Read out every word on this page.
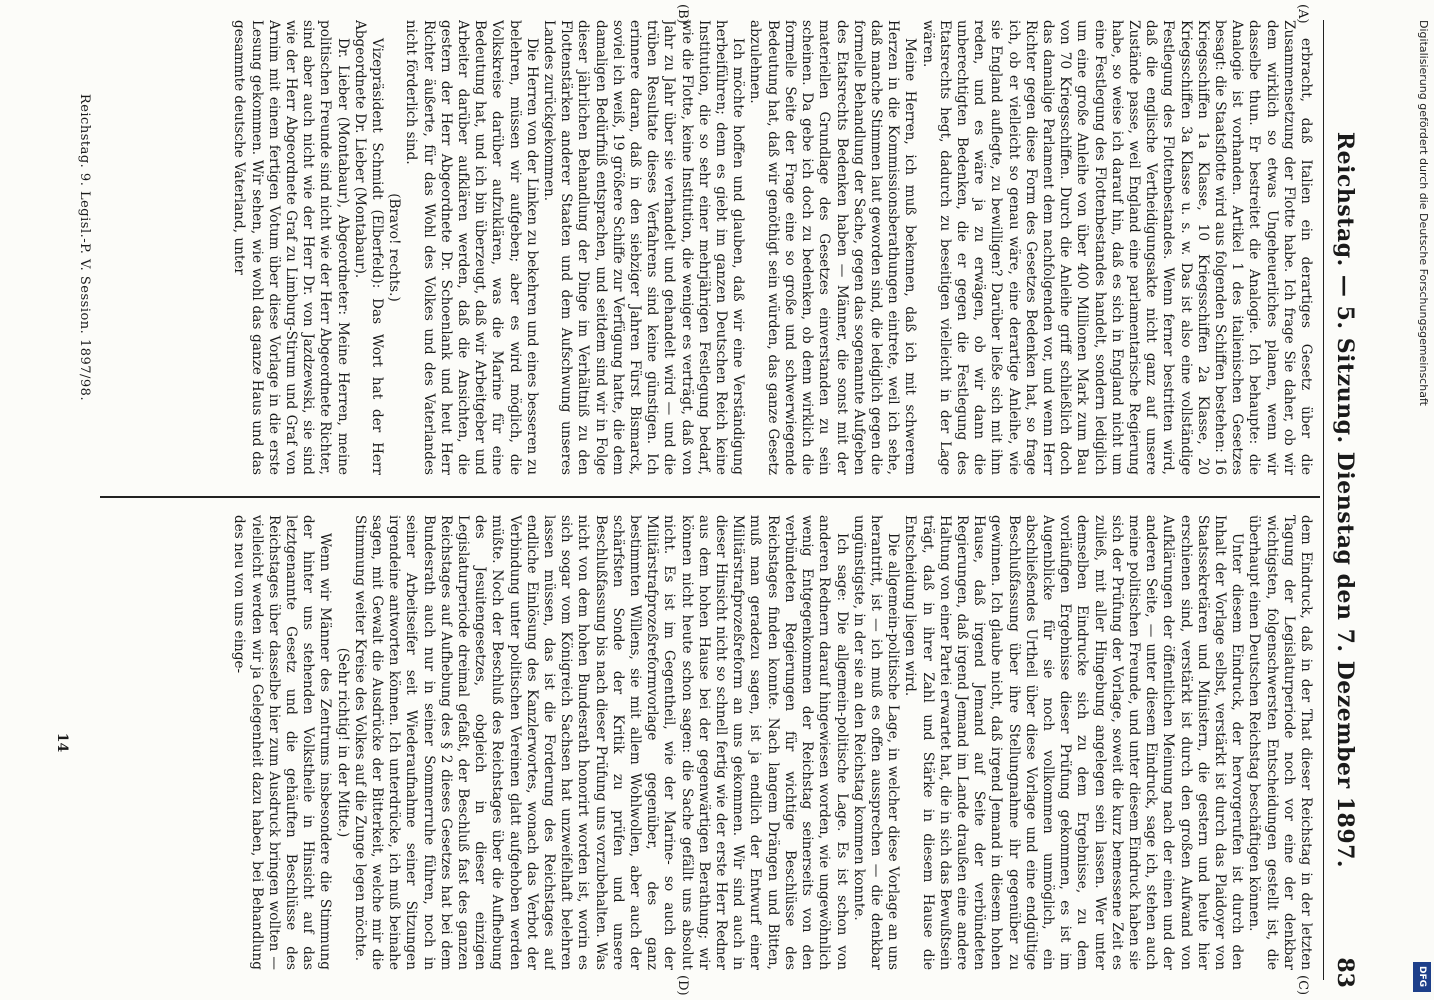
Reichstag. — 5. Sitzung. Dienstag den 7. Dezember 1897.
83
(A)
(B)
(C)
(D)

erbracht, daß Italien ein derartiges Gesetz über die Zusammensetzung der Flotte habe. Ich frage Sie daher, ob wir dem wirklich so etwas Ungeheuerliches planen, wenn wir dasselbe thun. Er bestreitet die Analogie. Ich behaupte: die Analogie ist vorhanden. Artikel 1 des italienischen Gesetzes besagt: die Staatsflotte wird aus folgenden Schiffen bestehen: 16 Kriegsschiffen 1a Klasse, 10 Kriegsschiffen 2a Klasse, 20 Kriegsschiffen 3a Klasse u. s. w. Das ist also eine vollständige Festlegung des Flottenbestandes. Wenn ferner bestritten wird, daß die englische Vertheidigungsakte nicht ganz auf unsere Zustände passe, weil England eine parlamentarische Regierung habe, so weise ich darauf hin, daß es sich in England nicht um eine Festlegung des Flottenbestandes handelt, sondern lediglich um eine große Anleihe von über 400 Millionen Mark zum Bau von 70 Kriegsschiffen. Durch die Anleihe griff schließlich doch das damalige Parlament dem nachfolgenden vor, und wenn Herr Richter gegen diese Form des Gesetzes Bedenken hat, so frage ich, ob er vielleicht so genau wäre, eine derartige Anleihe, wie sie England auflegte, zu bewilligen? Darüber ließe sich mit ihm reden, und es wäre ja zu erwägen, ob wir dann die unberechtigten Bedenken, die er gegen die Festlegung des Etatsrechts hegt, dadurch zu beseitigen vielleicht in der Lage wären.

Meine Herren, ich muß bekennen, daß ich mit schwerem Herzen in die Kommissionsberathungen eintrete, weil ich sehe, daß manche Stimmen laut geworden sind, die lediglich gegen die formelle Behandlung der Sache, gegen das sogenannte Aufgeben des Etatsrechts Bedenken haben — Männer, die sonst mit der materiellen Grundlage des Gesetzes einverstanden zu sein scheinen. Da gebe ich doch zu bedenken, ob denn wirklich die formelle Seite der Frage eine so große und schwerwiegende Bedeutung hat, daß wir genöthigt sein würden, das ganze Gesetz abzulehnen.

Ich möchte hoffen und glauben, daß wir eine Verständigung herbeiführen; denn es giebt im ganzen Deutschen Reich keine Institution, die so sehr einer mehrjährigen Festlegung bedarf, wie die Flotte, keine Institution, die weniger es verträgt, daß von Jahr zu Jahr über sie verhandelt und gehandelt wird — und die trüben Resultate dieses Verfahrens sind keine günstigen. Ich erinnere daran, daß in den siebziger Jahren Fürst Bismarck, soviel ich weiß, 19 größere Schiffe zur Verfügung hatte, die dem damaligen Bedürfniß entsprachen, und seitdem sind wir in Folge dieser jährlichen Behandlung der Dinge im Verhältniß zu den Flottenstärken anderer Staaten und dem Aufschwung unseres Landes zurückgekommen.

Die Herren von der Linken zu bekehren und eines besseren zu belehren, müssen wir aufgeben; aber es wird möglich, die Volkskreise darüber aufzuklären, was die Marine für eine Bedeutung hat, und ich bin überzeugt, daß wir Arbeitgeber und Arbeiter darüber aufklären werden, daß die Ansichten, die gestern der Herr Abgeordnete Dr. Schoenlank und heut Herr Richter äußerte, für das Wohl des Volkes und des Vaterlandes nicht förderlich sind.

(Bravo! rechts.)

Vizepräsident Schmidt (Elberfeld): Das Wort hat der Herr Abgeordnete Dr. Lieber (Montabaur).

Dr. Lieber (Montabaur), Abgeordneter: Meine Herren, meine politischen Freunde sind nicht wie der Herr Abgeordnete Richter, sind aber auch nicht wie der Herr Dr. von Jazdzewski, sie sind wie der Herr Abgeordnete Graf zu Limburg-Stirum und Graf von Arnim mit einem fertigen Votum über diese Vorlage in die erste Lesung gekommen. Wir sehen, wie wohl das ganze Haus und das gesammte deutsche Vaterland, unter

dem Eindruck, daß in der That dieser Reichstag in der letzten Tagung der Legislaturperiode noch vor eine der denkbar wichtigsten, folgenschwersten Entscheidungen gestellt ist, die überhaupt einen Deutschen Reichstag beschäftigen können.

Unter diesem Eindruck, der hervorgerufen ist durch den Inhalt der Vorlage selbst, verstärkt ist durch das Plaidoyer von Staatssekretären und Ministern, die gestern und heute hier erschienen sind, verstärkt ist durch den großen Aufwand von Aufklärungen der öffentlichen Meinung nach der einen und der anderen Seite, — unter diesem Eindruck, sage ich, stehen auch meine politischen Freunde, und unter diesem Eindruck haben sie sich der Prüfung der Vorlage, soweit die kurz bemessene Zeit es zuließ, mit aller Hingebung angelegen sein lassen. Wer unter demselben Eindrucke sich zu dem Ergebnisse, zu dem vorläufigen Ergebnisse dieser Prüfung gekommen, es ist im Augenblicke für sie noch vollkommen unmöglich, ein abschließendes Urtheil über diese Vorlage und eine endgültige Beschlußfassung über ihre Stellungnahme ihr gegenüber zu gewinnen. Ich glaube nicht, daß irgend Jemand in diesem hohen Hause, daß irgend Jemand auf Seite der verbündeten Regierungen, daß irgend Jemand im Lande draußen eine andere Haltung von einer Partei erwartet hat, die in sich das Bewußtsein trägt, daß in ihrer Zahl und Stärke in diesem Hause die Entscheidung liegen wird.

Die allgemein-politische Lage, in welcher diese Vorlage an uns herantritt, ist — ich muß es offen aussprechen — die denkbar ungünstigste, in der sie an den Reichstag kommen konnte.

Ich sage: Die allgemein-politische Lage. Es ist schon von anderen Rednern darauf hingewiesen worden, wie ungewöhnlich wenig Entgegenkommen der Reichstag seinerseits von den verbündeten Regierungen für wichtige Beschlüsse des Reichstages finden konnte. Nach langem Drängen und Bitten, muß man geradezu sagen, ist ja endlich der Entwurf einer Militärstrafprozeßreform an uns gekommen. Wir sind auch in dieser Hinsicht nicht so schnell fertig wie der erste Herr Redner aus dem hohen Hause bei der gegenwärtigen Berathung; wir können nicht heute schon sagen: die Sache gefällt uns absolut nicht. Es ist im Gegentheil, wie der Marine- so auch der Militärstrafprozeßreformvorlage gegenüber, des ganz bestimmten Willens, sie mit allem Wohlwollen, aber auch der schärfsten Sonde der Kritik zu prüfen und unsere Beschlußfassung bis nach dieser Prüfung uns vorzubehalten. Was nicht von dem hohen Bundesrath honorirt worden ist, worin es sich sogar vom Königreich Sachsen hat unzweifelhaft belehren lassen müssen, das ist die Forderung des Reichstages auf endliche Einlösung des Kanzlerwortes, wonach das Verbot der Verbindung unter politischen Vereinen glatt aufgehoben werden müßte. Noch der Beschluß des Reichstages über die Aufhebung des Jesuitengesetzes, obgleich in dieser einzigen Legislaturperiode dreimal gefaßt, der Beschluß fast des ganzen Reichstages auf Aufhebung des § 2 dieses Gesetzes hat bei dem Bundesrath auch nur in seiner Sommerruhe führen, noch in seiner Arbeitseifer seit Wiederaufnahme seiner Sitzungen irgendeine antworten können. Ich unterdrücke, ich muß beinahe sagen, mit Gewalt die Ausdrücke der Bitterkeit, welche mir die Stimmung weiter Kreise des Volkes auf die Zunge legen möchte.

(Sehr richtig! in der Mitte.)

Wenn wir Männer des Zentrums insbesondere die Stimmung der hinter uns stehenden Volkstheile in Hinsicht auf das letztgenannte Gesetz und die gehäuften Beschlüsse des Reichstages über dasselbe hier zum Ausdruck bringen wollten — vielleicht werden wir ja Gelegenheit dazu haben, bei Behandlung des neu von uns einge-

Reichstag. 9. Legisl.-P. V. Session. 1897/98.
14
Digitalisierung gefördert durch die Deutsche Forschungsgemeinschaft
DFG
